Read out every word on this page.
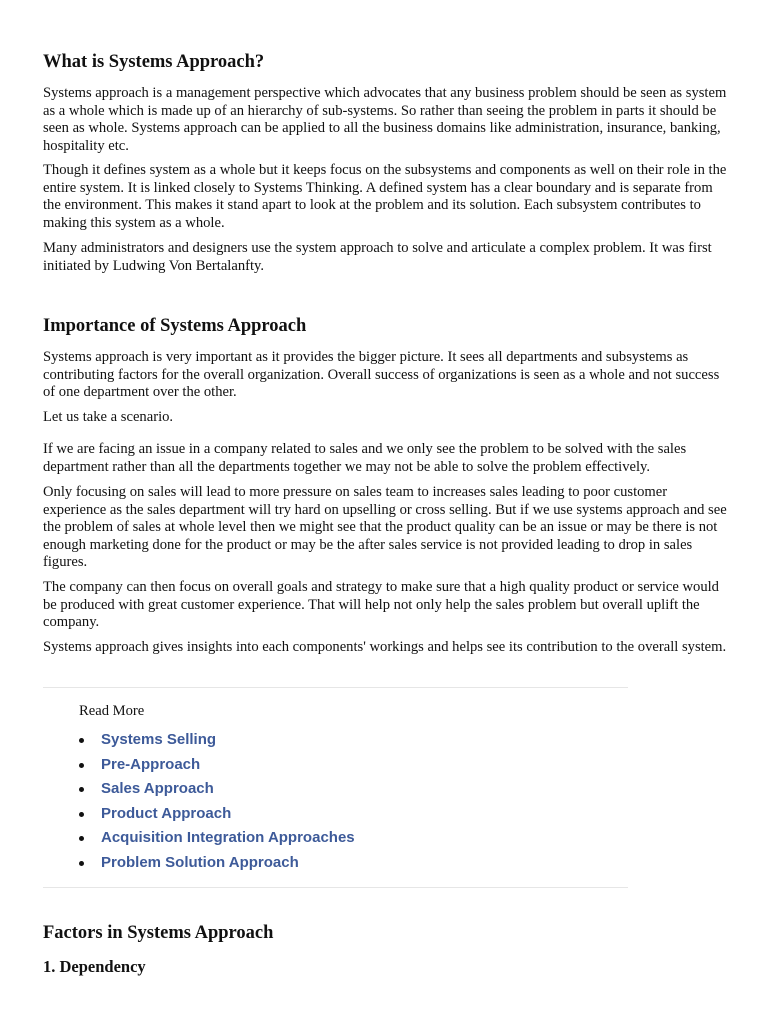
What is Systems Approach?

Systems approach is a management perspective which advocates that any business problem should be seen as system as a whole which is made up of an hierarchy of sub-systems. So rather than seeing the problem in parts it should be seen as whole. Systems approach can be applied to all the business domains like administration, insurance, banking, hospitality etc.

Though it defines system as a whole but it keeps focus on the subsystems and components as well on their role in the entire system. It is linked closely to Systems Thinking. A defined system has a clear boundary and is separate from the environment. This makes it stand apart to look at the problem and its solution. Each subsystem contributes to making this system as a whole.

Many administrators and designers use the system approach to solve and articulate a complex problem. It was first initiated by Ludwing Von Bertalanfty.

Importance of Systems Approach

Systems approach is very important as it provides the bigger picture. It sees all departments and subsystems as contributing factors for the overall organization. Overall success of organizations is seen as a whole and not success of one department over the other.

Let us take a scenario.

If we are facing an issue in a company related to sales and we only see the problem to be solved with the sales department rather than all the departments together we may not be able to solve the problem effectively.

Only focusing on sales will lead to more pressure on sales team to increases sales leading to poor customer experience as the sales department will try hard on upselling or cross selling. But if we use systems approach and see the problem of sales at whole level then we might see that the product quality can be an issue or may be there is not enough marketing done for the product or may be the after sales service is not provided leading to drop in sales figures.

The company can then focus on overall goals and strategy to make sure that a high quality product or service would be produced with great customer experience. That will help not only help the sales problem but overall uplift the company.

Systems approach gives insights into each components' workings and helps see its contribution to the overall system.

Read More
Systems Selling
Pre-Approach
Sales Approach
Product Approach
Acquisition Integration Approaches
Problem Solution Approach
Factors in Systems Approach
1. Dependency
